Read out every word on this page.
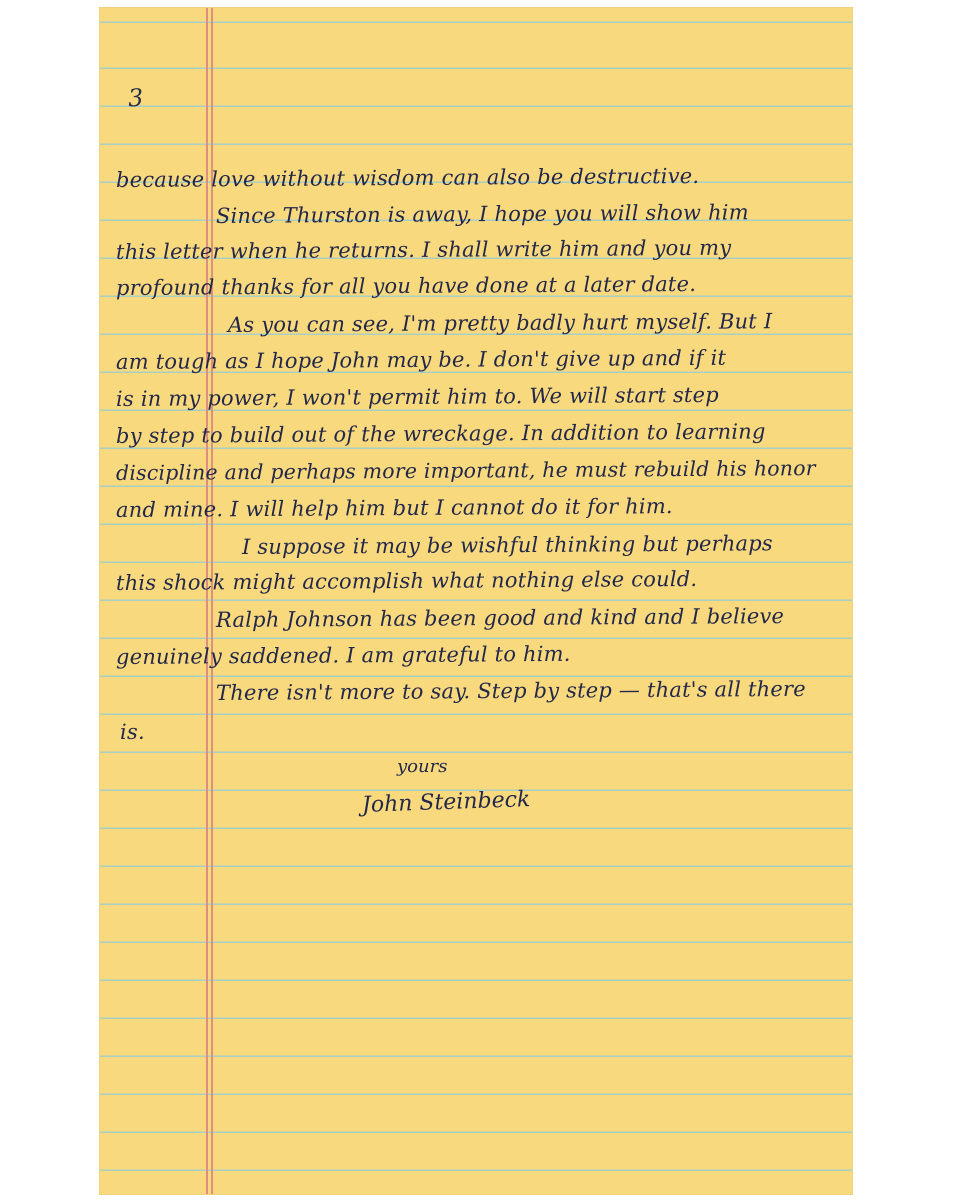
3
because love without wisdom can also be destructive.
Since Thurston is away, I hope you will show him
this letter when he returns. I shall write him and you my
profound thanks for all you have done at a later date.
As you can see, I'm pretty badly hurt myself. But I
am tough as I hope John may be. I don't give up and if it
is in my power, I won't permit him to. We will start step
by step to build out of the wreckage. In addition to learning
discipline and perhaps more important, he must rebuild his honor
and mine. I will help him but I cannot do it for him.
I suppose it may be wishful thinking but perhaps
this shock might accomplish what nothing else could.
Ralph Johnson has been good and kind and I believe
genuinely saddened. I am grateful to him.
There isn't more to say. Step by step — that's all there
is.
yours
John Steinbeck
